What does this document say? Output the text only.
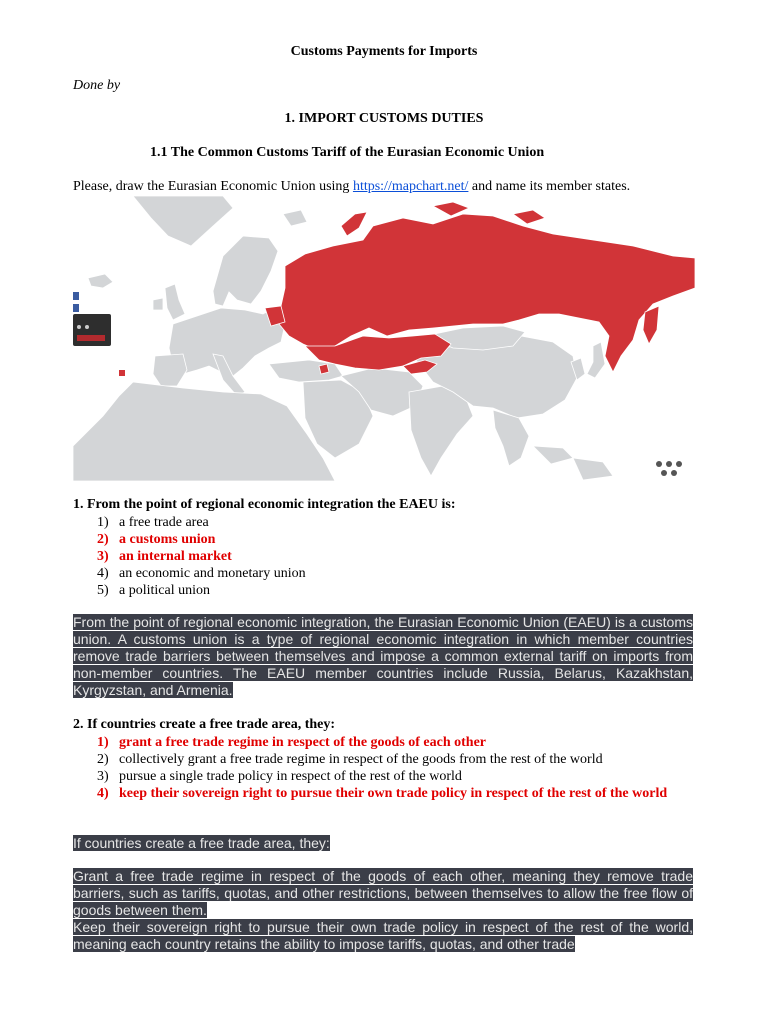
Customs Payments for Imports
Done by
1. IMPORT CUSTOMS DUTIES
1.1 The Common Customs Tariff of the Eurasian Economic Union
Please, draw the Eurasian Economic Union using https://mapchart.net/ and name its member states.
1. From the point of regional economic integration the EAEU is:
1) a free trade area
2) a customs union
3) an internal market
4) an economic and monetary union
5) a political union
From the point of regional economic integration, the Eurasian Economic Union (EAEU) is a customs union. A customs union is a type of regional economic integration in which member countries remove trade barriers between themselves and impose a common external tariff on imports from non-member countries. The EAEU member countries include Russia, Belarus, Kazakhstan, Kyrgyzstan, and Armenia.
2. If countries create a free trade area, they:
1) grant a free trade regime in respect of the goods of each other
2) collectively grant a free trade regime in respect of the goods from the rest of the world
3) pursue a single trade policy in respect of the rest of the world
4) keep their sovereign right to pursue their own trade policy in respect of the rest of the world
If countries create a free trade area, they:
Grant a free trade regime in respect of the goods of each other, meaning they remove trade barriers, such as tariffs, quotas, and other restrictions, between themselves to allow the free flow of goods between them.
Keep their sovereign right to pursue their own trade policy in respect of the rest of the world, meaning each country retains the ability to impose tariffs, quotas, and other trade
